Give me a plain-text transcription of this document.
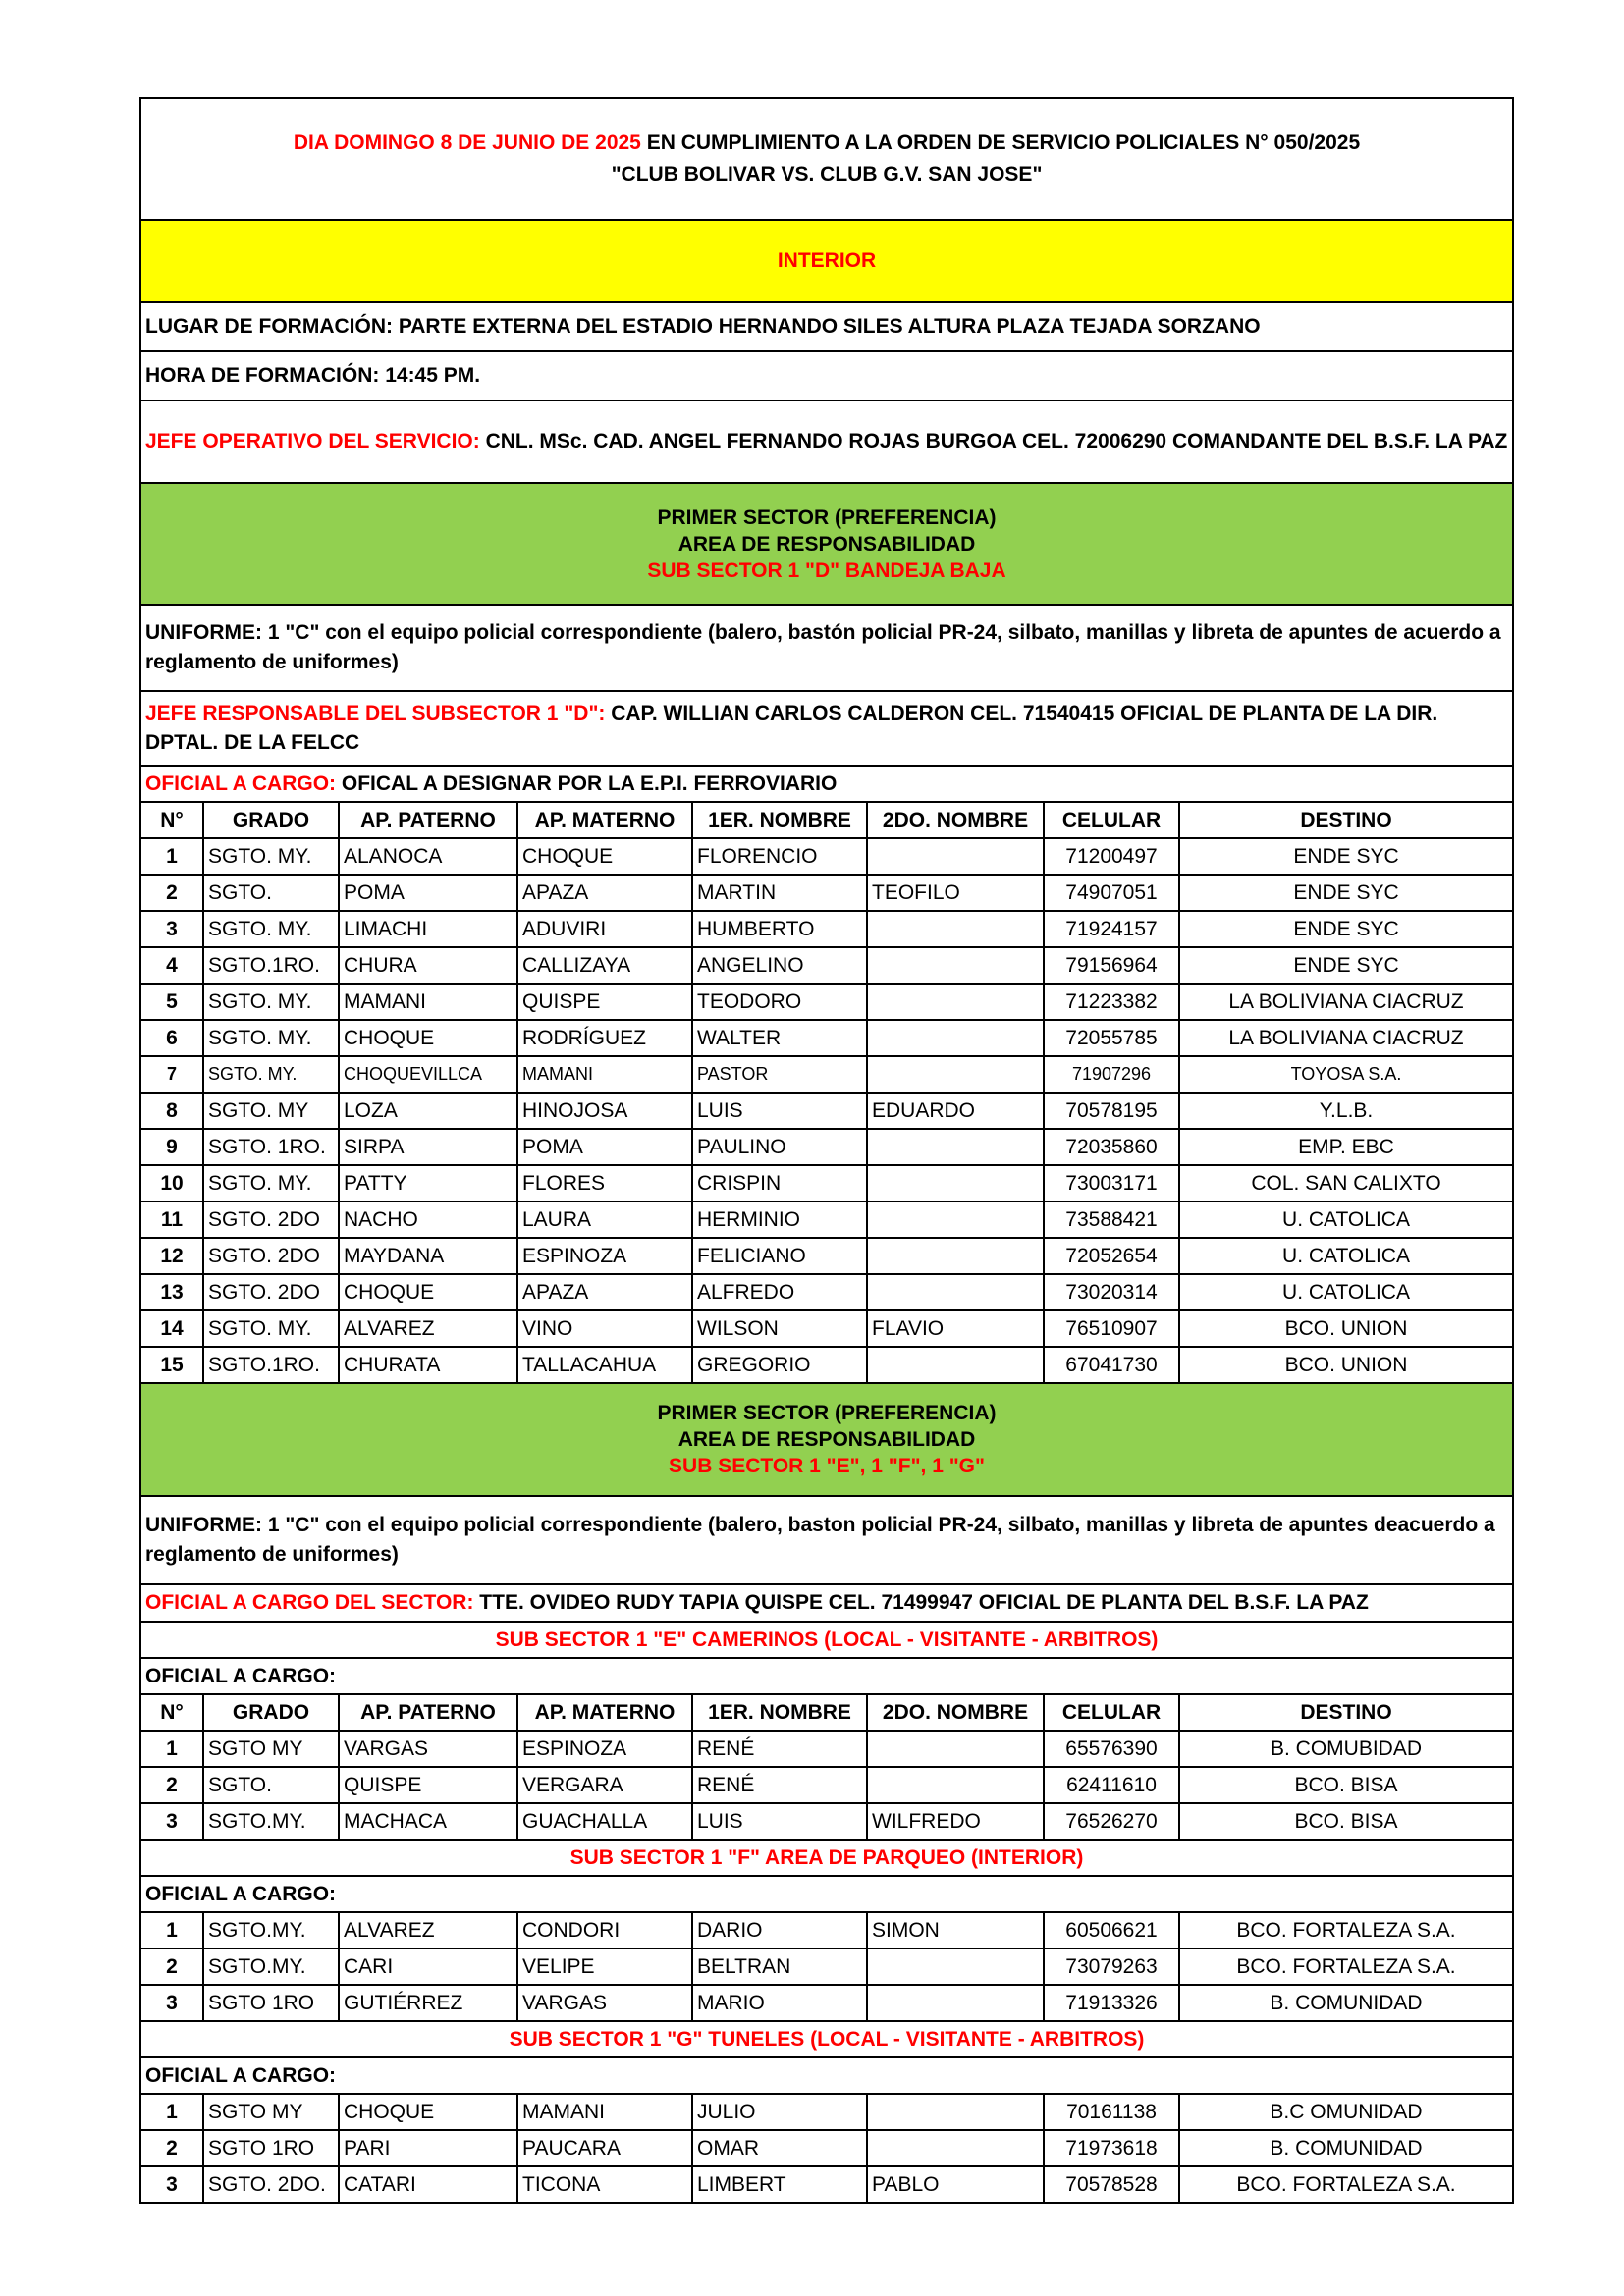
DIA DOMINGO 8 DE JUNIO DE 2025 EN CUMPLIMIENTO A LA ORDEN DE SERVICIO POLICIALES N° 050/2025
"CLUB BOLIVAR VS. CLUB G.V. SAN JOSE"							
INTERIOR							
LUGAR DE FORMACIÓN: PARTE EXTERNA DEL ESTADIO HERNANDO SILES ALTURA PLAZA TEJADA SORZANO							
HORA DE FORMACIÓN: 14:45 PM.							
JEFE OPERATIVO DEL SERVICIO: CNL. MSc. CAD. ANGEL FERNANDO ROJAS BURGOA CEL. 72006290 COMANDANTE DEL B.S.F. LA PAZ							
PRIMER SECTOR (PREFERENCIA)
AREA DE RESPONSABILIDAD
SUB SECTOR 1 "D" BANDEJA BAJA							
UNIFORME: 1 "C" con el equipo policial correspondiente (balero, bastón policial PR-24, silbato, manillas y libreta de apuntes de acuerdo a reglamento de uniformes)							
JEFE RESPONSABLE DEL SUBSECTOR 1 "D": CAP. WILLIAN CARLOS CALDERON CEL. 71540415 OFICIAL DE PLANTA DE LA DIR. DPTAL. DE LA FELCC							
OFICIAL A CARGO: OFICAL A DESIGNAR POR LA E.P.I. FERROVIARIO							
N°	GRADO	AP. PATERNO	AP. MATERNO	1ER. NOMBRE	2DO. NOMBRE	CELULAR	DESTINO
1	SGTO. MY.	ALANOCA	CHOQUE	FLORENCIO		71200497	ENDE SYC
2	SGTO.	POMA	APAZA	MARTIN	TEOFILO	74907051	ENDE SYC
3	SGTO. MY.	LIMACHI	ADUVIRI	HUMBERTO		71924157	ENDE SYC
4	SGTO.1RO.	CHURA	CALLIZAYA	ANGELINO		79156964	ENDE SYC
5	SGTO. MY.	MAMANI	QUISPE	TEODORO		71223382	LA BOLIVIANA CIACRUZ
6	SGTO. MY.	CHOQUE	RODRÍGUEZ	WALTER		72055785	LA BOLIVIANA CIACRUZ
7	SGTO. MY.	CHOQUEVILLCA	MAMANI	PASTOR		71907296	TOYOSA S.A.
8	SGTO. MY	LOZA	HINOJOSA	LUIS	EDUARDO	70578195	Y.L.B.
9	SGTO. 1RO.	SIRPA	POMA	PAULINO		72035860	EMP. EBC
10	SGTO. MY.	PATTY	FLORES	CRISPIN		73003171	COL. SAN CALIXTO
11	SGTO. 2DO	NACHO	LAURA	HERMINIO		73588421	U. CATOLICA
12	SGTO. 2DO	MAYDANA	ESPINOZA	FELICIANO		72052654	U. CATOLICA
13	SGTO. 2DO	CHOQUE	APAZA	ALFREDO		73020314	U. CATOLICA
14	SGTO. MY.	ALVAREZ	VINO	WILSON	FLAVIO	76510907	BCO. UNION
15	SGTO.1RO.	CHURATA	TALLACAHUA	GREGORIO		67041730	BCO. UNION
PRIMER SECTOR (PREFERENCIA)
AREA DE RESPONSABILIDAD
SUB SECTOR 1 "E", 1 "F", 1 "G"							
UNIFORME: 1 "C" con el equipo policial correspondiente (balero, baston policial PR-24, silbato, manillas y libreta de apuntes deacuerdo a reglamento de uniformes)							
OFICIAL A CARGO DEL SECTOR: TTE. OVIDEO RUDY TAPIA QUISPE CEL. 71499947 OFICIAL DE PLANTA DEL B.S.F. LA PAZ							
SUB SECTOR 1 "E" CAMERINOS (LOCAL - VISITANTE - ARBITROS)							
OFICIAL A CARGO:							
N°	GRADO	AP. PATERNO	AP. MATERNO	1ER. NOMBRE	2DO. NOMBRE	CELULAR	DESTINO
1	SGTO MY	VARGAS	ESPINOZA	RENÉ		65576390	B. COMUBIDAD
2	SGTO.	QUISPE	VERGARA	RENÉ		62411610	BCO. BISA
3	SGTO.MY.	MACHACA	GUACHALLA	LUIS	WILFREDO	76526270	BCO. BISA
SUB SECTOR 1 "F" AREA DE PARQUEO (INTERIOR)							
OFICIAL A CARGO:							
1	SGTO.MY.	ALVAREZ	CONDORI	DARIO	SIMON	60506621	BCO. FORTALEZA S.A.
2	SGTO.MY.	CARI	VELIPE	BELTRAN		73079263	BCO. FORTALEZA S.A.
3	SGTO 1RO	GUTIÉRREZ	VARGAS	MARIO		71913326	B. COMUNIDAD
SUB SECTOR 1 "G" TUNELES (LOCAL - VISITANTE - ARBITROS)							
OFICIAL A CARGO:							
1	SGTO MY	CHOQUE	MAMANI	JULIO		70161138	B.C OMUNIDAD
2	SGTO 1RO	PARI	PAUCARA	OMAR		71973618	B. COMUNIDAD
3	SGTO. 2DO.	CATARI	TICONA	LIMBERT	PABLO	70578528	BCO. FORTALEZA S.A.
